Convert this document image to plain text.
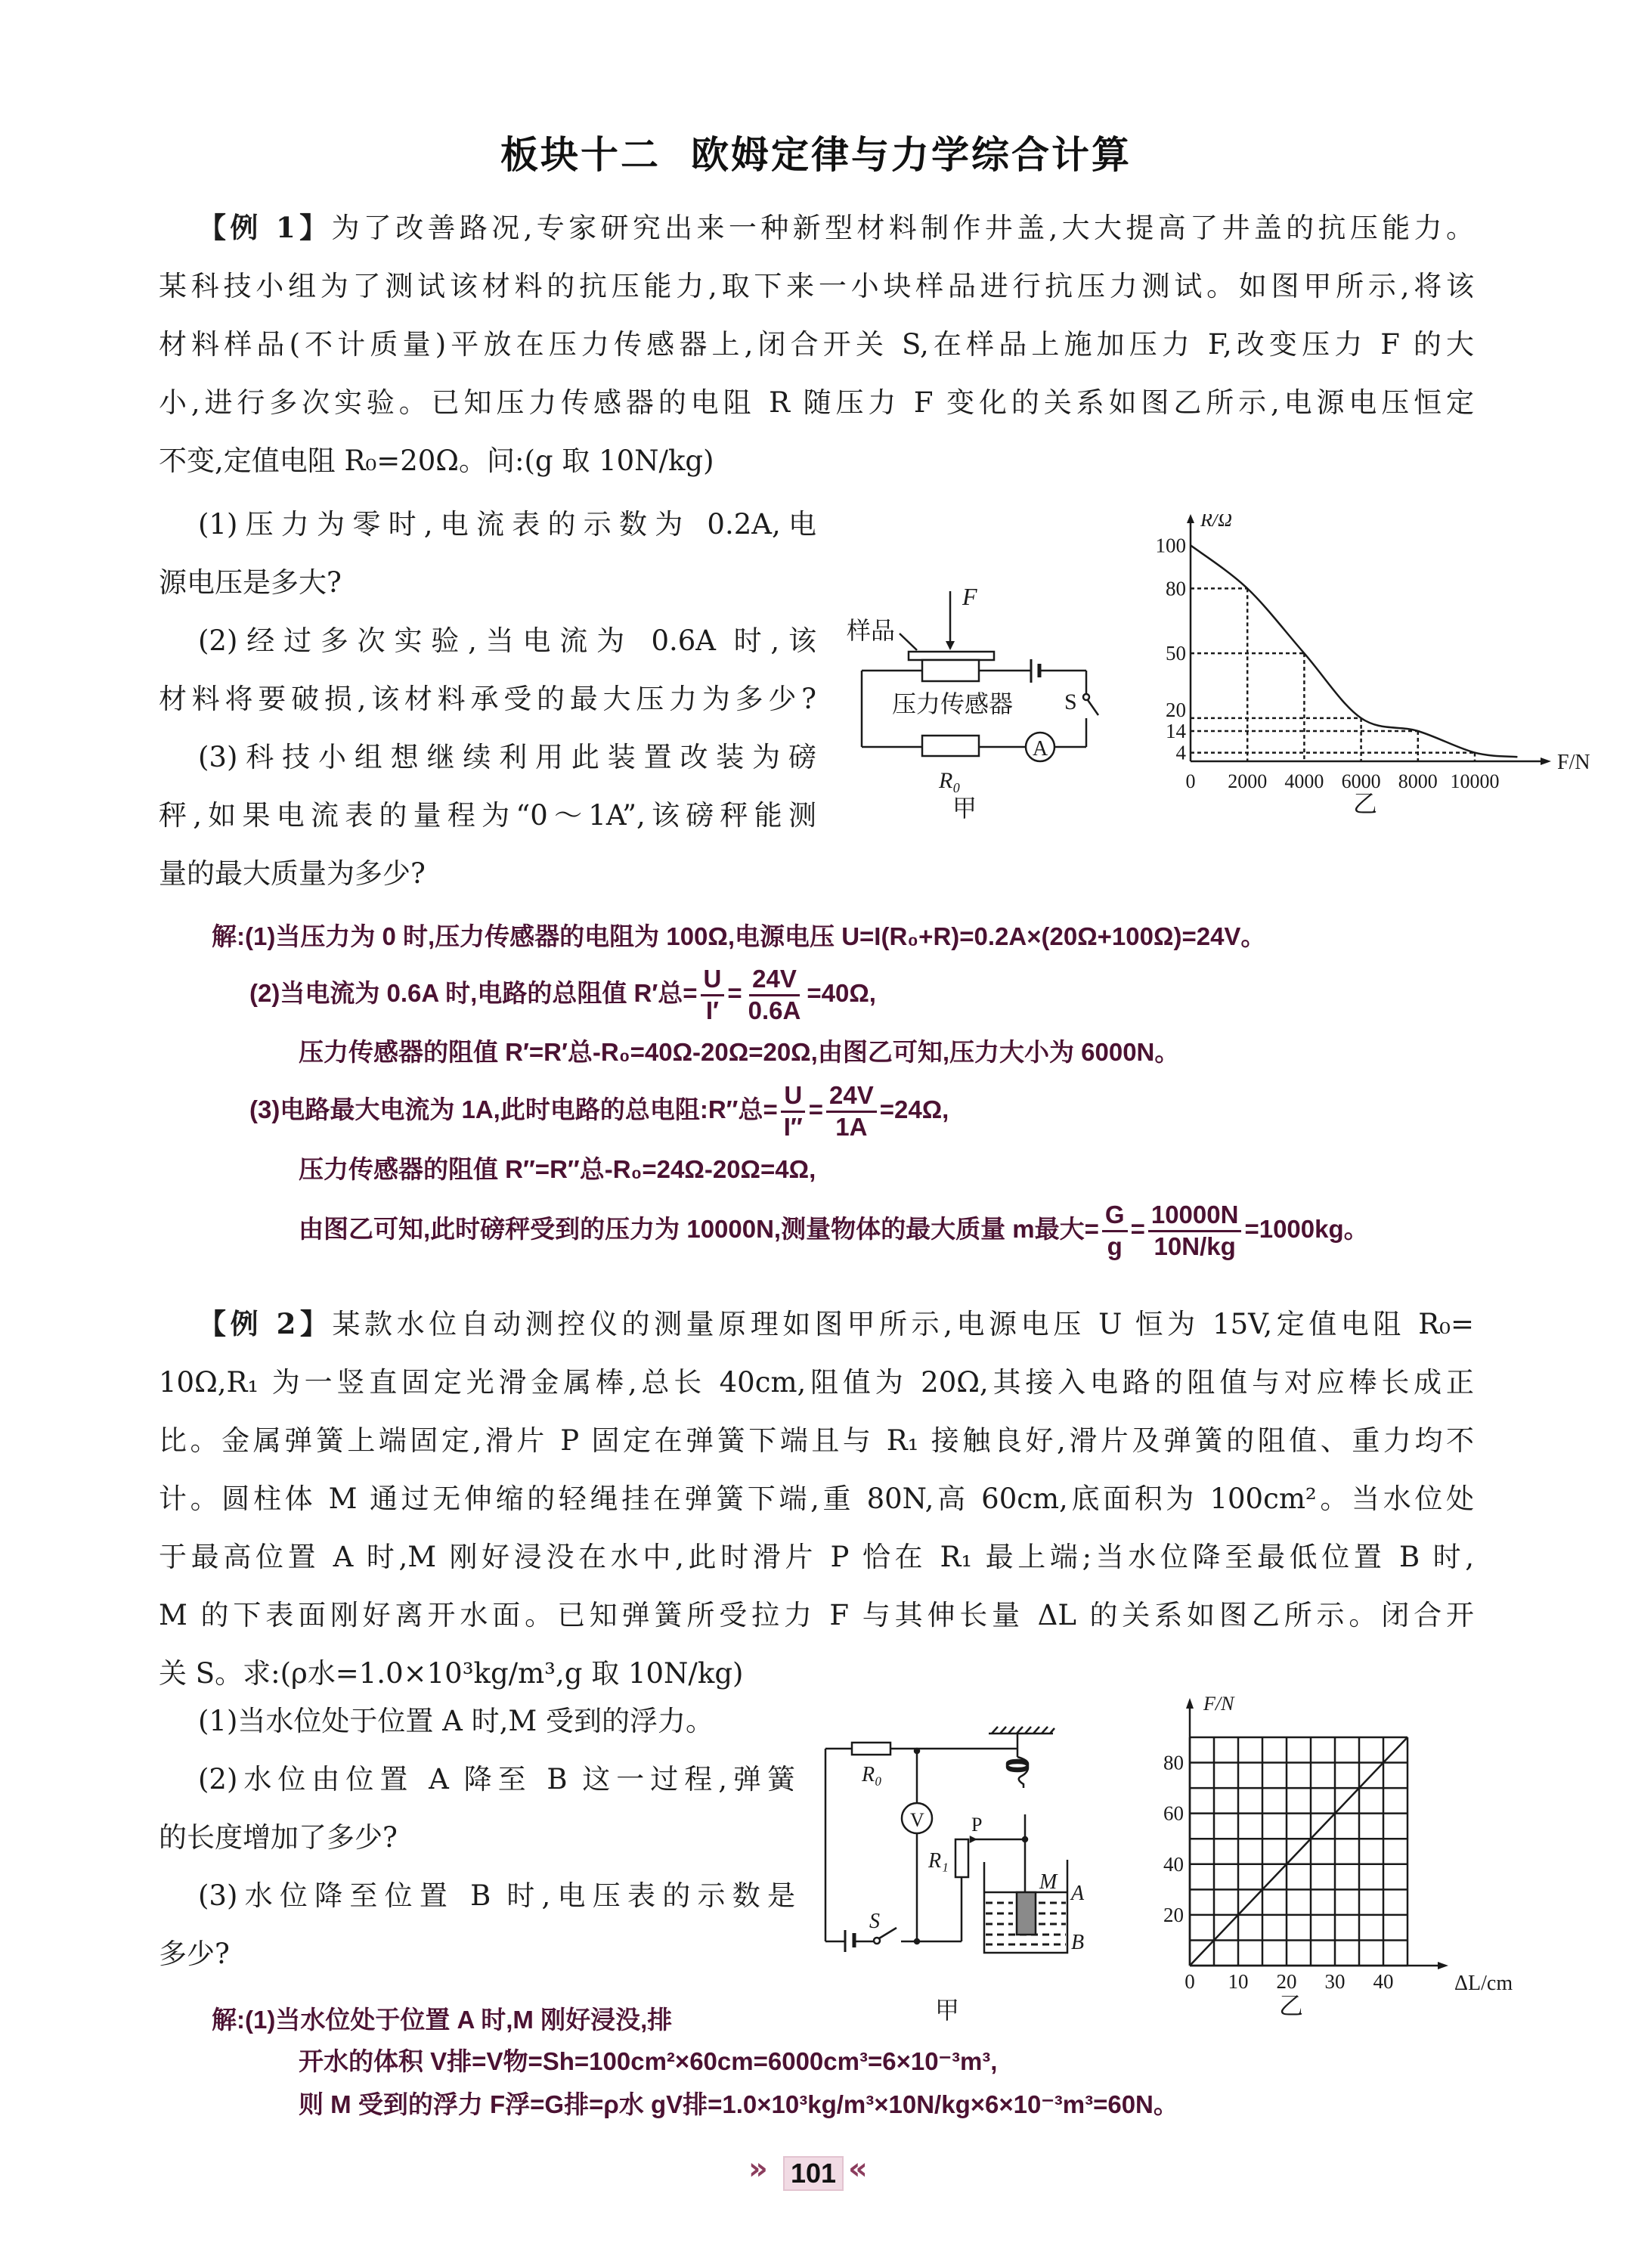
板块十二 欧姆定律与力学综合计算
【例 1】为了改善路况,专家研究出来一种新型材料制作井盖,大大提高了井盖的抗压能力。
某科技小组为了测试该材料的抗压能力,取下来一小块样品进行抗压力测试。如图甲所示,将该
材料样品(不计质量)平放在压力传感器上,闭合开关 S,在样品上施加压力 F,改变压力 F 的大
小,进行多次实验。已知压力传感器的电阻 R 随压力 F 变化的关系如图乙所示,电源电压恒定
不变,定值电阻 R₀=20Ω。问:(g 取 10N/kg)
(1)压力为零时,电流表的示数为 0.2A,电
源电压是多大?
(2)经过多次实验,当电流为 0.6A 时,该
材料将要破损,该材料承受的最大压力为多少?
(3)科技小组想继续利用此装置改装为磅
秤,如果电流表的量程为“0～1A”,该磅秤能测
量的最大质量为多少?
F
样品
压力传感器 S
A
R₀
甲
4
14
20
50
80
100
0 2000 4000 6000 8000 10000
R/Ω
F/N
乙
解:(1)当压力为 0 时,压力传感器的电阻为 100Ω,电源电压 U=I(R₀+R)=0.2A×(20Ω+100Ω)=24V。
(2)当电流为 0.6A 时,电路的总阻值 R′总= $\frac{U}{I'} = \frac{24V}{0.6A} =40\Omega$,
压力传感器的阻值 R′=R′总-R₀=40Ω-20Ω=20Ω,由图乙可知,压力大小为 6000N。
(3)电路最大电流为 1A,此时电路的总电阻:R″总= $\frac{U}{I''} = \frac{24V}{1A} =24\Omega$,
压力传感器的阻值 R″=R″总-R₀=24Ω-20Ω=4Ω,
由图乙可知,此时磅秤受到的压力为 10000N,测量物体的最大质量 m最大= $\frac{G}{g} = \frac{10000N}{10N/kg} =1000kg$。
【例 2】某款水位自动测控仪的测量原理如图甲所示,电源电压 U 恒为 15V,定值电阻 R₀=
10Ω,R₁ 为一竖直固定光滑金属棒,总长 40cm,阻值为 20Ω,其接入电路的阻值与对应棒长成正
比。金属弹簧上端固定,滑片 P 固定在弹簧下端且与 R₁ 接触良好,滑片及弹簧的阻值、重力均不
计。圆柱体 M 通过无伸缩的轻绳挂在弹簧下端,重 80N,高 60cm,底面积为 100cm²。当水位处
于最高位置 A 时,M 刚好浸没在水中,此时滑片 P 恰在 R₁ 最上端;当水位降至最低位置 B 时,
M 的下表面刚好离开水面。已知弹簧所受拉力 F 与其伸长量 ΔL 的关系如图乙所示。闭合开
关 S。求:(ρ水=1.0×10³kg/m³,g 取 10N/kg)
(1)当水位处于位置 A 时,M 受到的浮力。
(2)水位由位置 A 降至 B 这一过程,弹簧
的长度增加了多少?
(3)水位降至位置 B 时,电压表的示数是
多少?
R₀
V P
R₁
S
M A
B
甲
20
40
60
80
0 10 20 30 40
F/N
ΔL/cm
乙
解:(1)当水位处于位置 A 时,M 刚好浸没,排
开水的体积 V排=V物=Sh=100cm²×60cm=6000cm³=6×10⁻³m³,
则 M 受到的浮力 F浮=G排=ρ水 gV排=1.0×10³kg/m³×10N/kg×6×10⁻³m³=60N。
» 101 «
